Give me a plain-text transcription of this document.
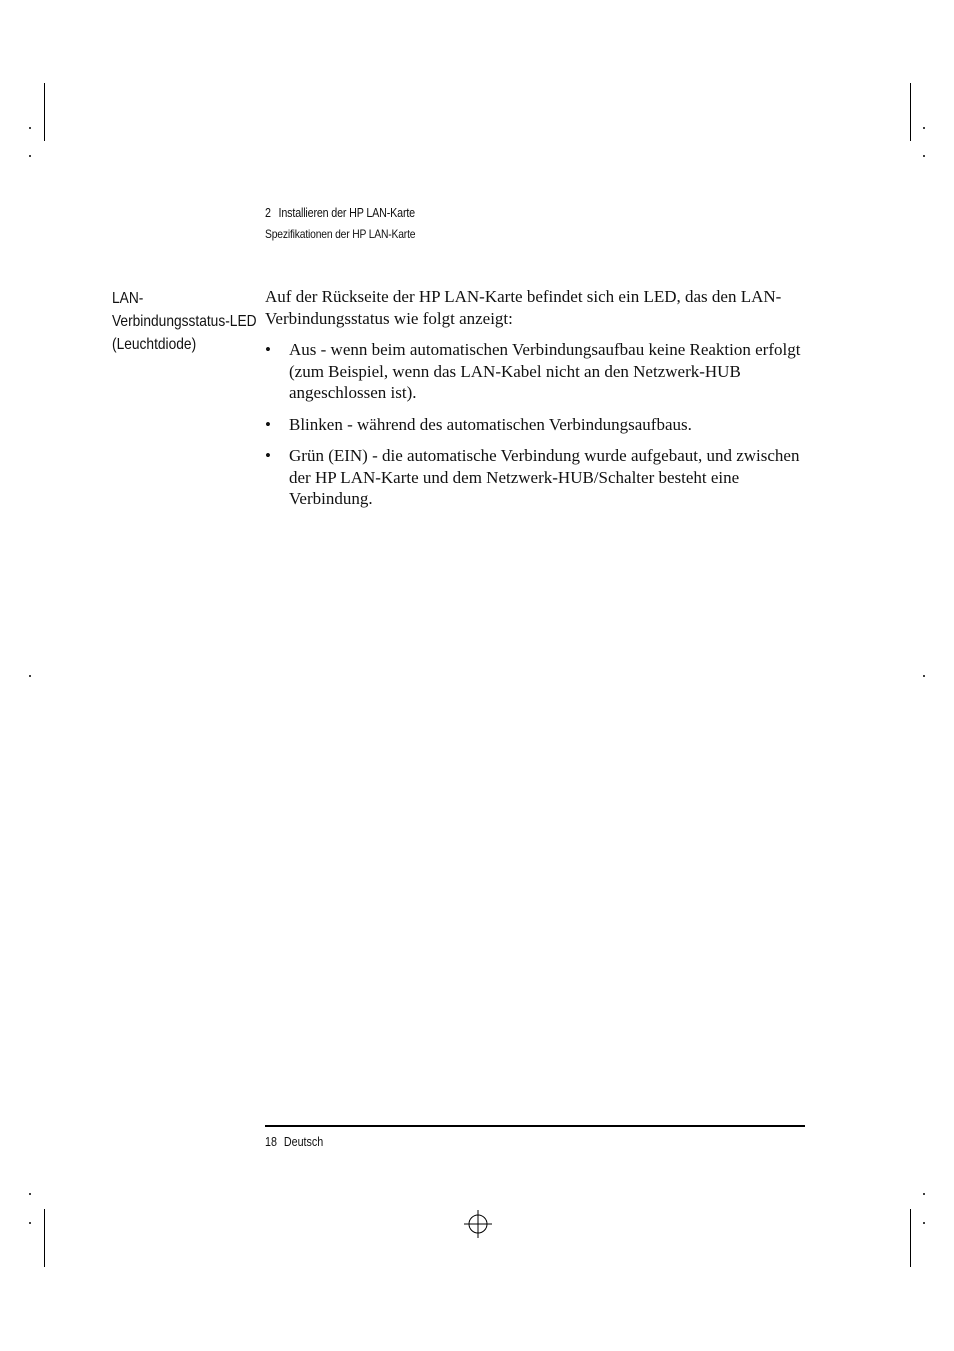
2 Installieren der HP LAN-Karte
Spezifikationen der HP LAN-Karte
LAN-
Verbindungsstatus-LED
(Leuchtdiode)

Auf der Rückseite der HP LAN-Karte befindet sich ein LED, das den LAN-Verbindungsstatus wie folgt anzeigt:

• Aus - wenn beim automatischen Verbindungsaufbau keine Reaktion erfolgt (zum Beispiel, wenn das LAN-Kabel nicht an den Netzwerk-HUB angeschlossen ist).
• Blinken - während des automatischen Verbindungsaufbaus.
• Grün (EIN) - die automatische Verbindung wurde aufgebaut, und zwischen der HP LAN-Karte und dem Netzwerk-HUB/Schalter besteht eine Verbindung.
18 Deutsch
